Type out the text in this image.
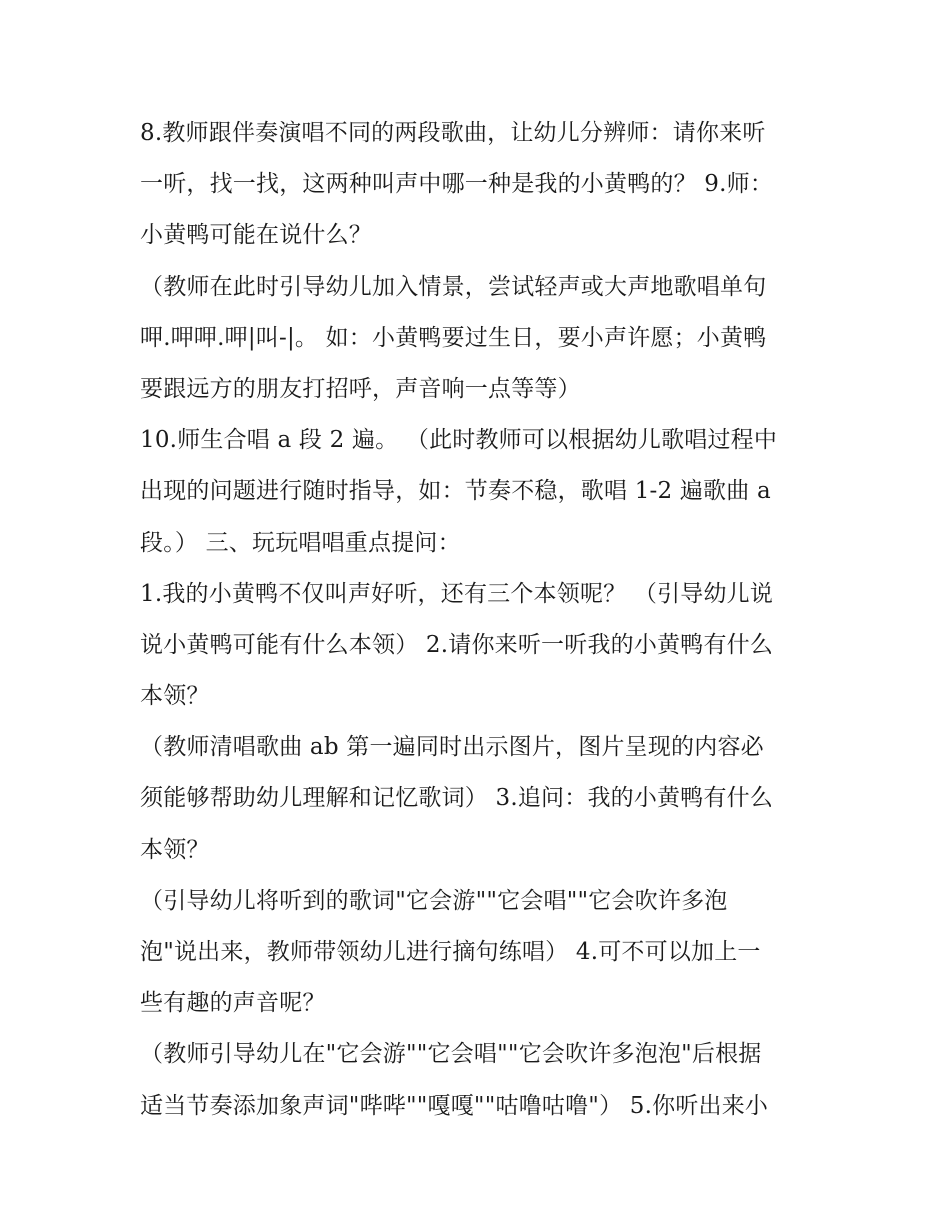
8.教师跟伴奏演唱不同的两段歌曲，让幼儿分辨师：请你来听
一听，找一找，这两种叫声中哪一种是我的小黄鸭的？ 9.师：
小黄鸭可能在说什么？
（教师在此时引导幼儿加入情景，尝试轻声或大声地歌唱单句
呷.呷呷.呷|叫-|。 如：小黄鸭要过生日，要小声许愿；小黄鸭
要跟远方的朋友打招呼，声音响一点等等）
10.师生合唱 a 段 2 遍。 （此时教师可以根据幼儿歌唱过程中
出现的问题进行随时指导，如：节奏不稳，歌唱 1-2 遍歌曲 a
段。） 三、玩玩唱唱重点提问：
1.我的小黄鸭不仅叫声好听，还有三个本领呢？ （引导幼儿说
说小黄鸭可能有什么本领） 2.请你来听一听我的小黄鸭有什么
本领？
（教师清唱歌曲 ab 第一遍同时出示图片，图片呈现的内容必
须能够帮助幼儿理解和记忆歌词） 3.追问：我的小黄鸭有什么
本领？
（引导幼儿将听到的歌词"它会游""它会唱""它会吹许多泡
泡"说出来，教师带领幼儿进行摘句练唱） 4.可不可以加上一
些有趣的声音呢？
（教师引导幼儿在"它会游""它会唱""它会吹许多泡泡"后根据
适当节奏添加象声词"哔哔""嘎嘎""咕噜咕噜"） 5.你听出来小
